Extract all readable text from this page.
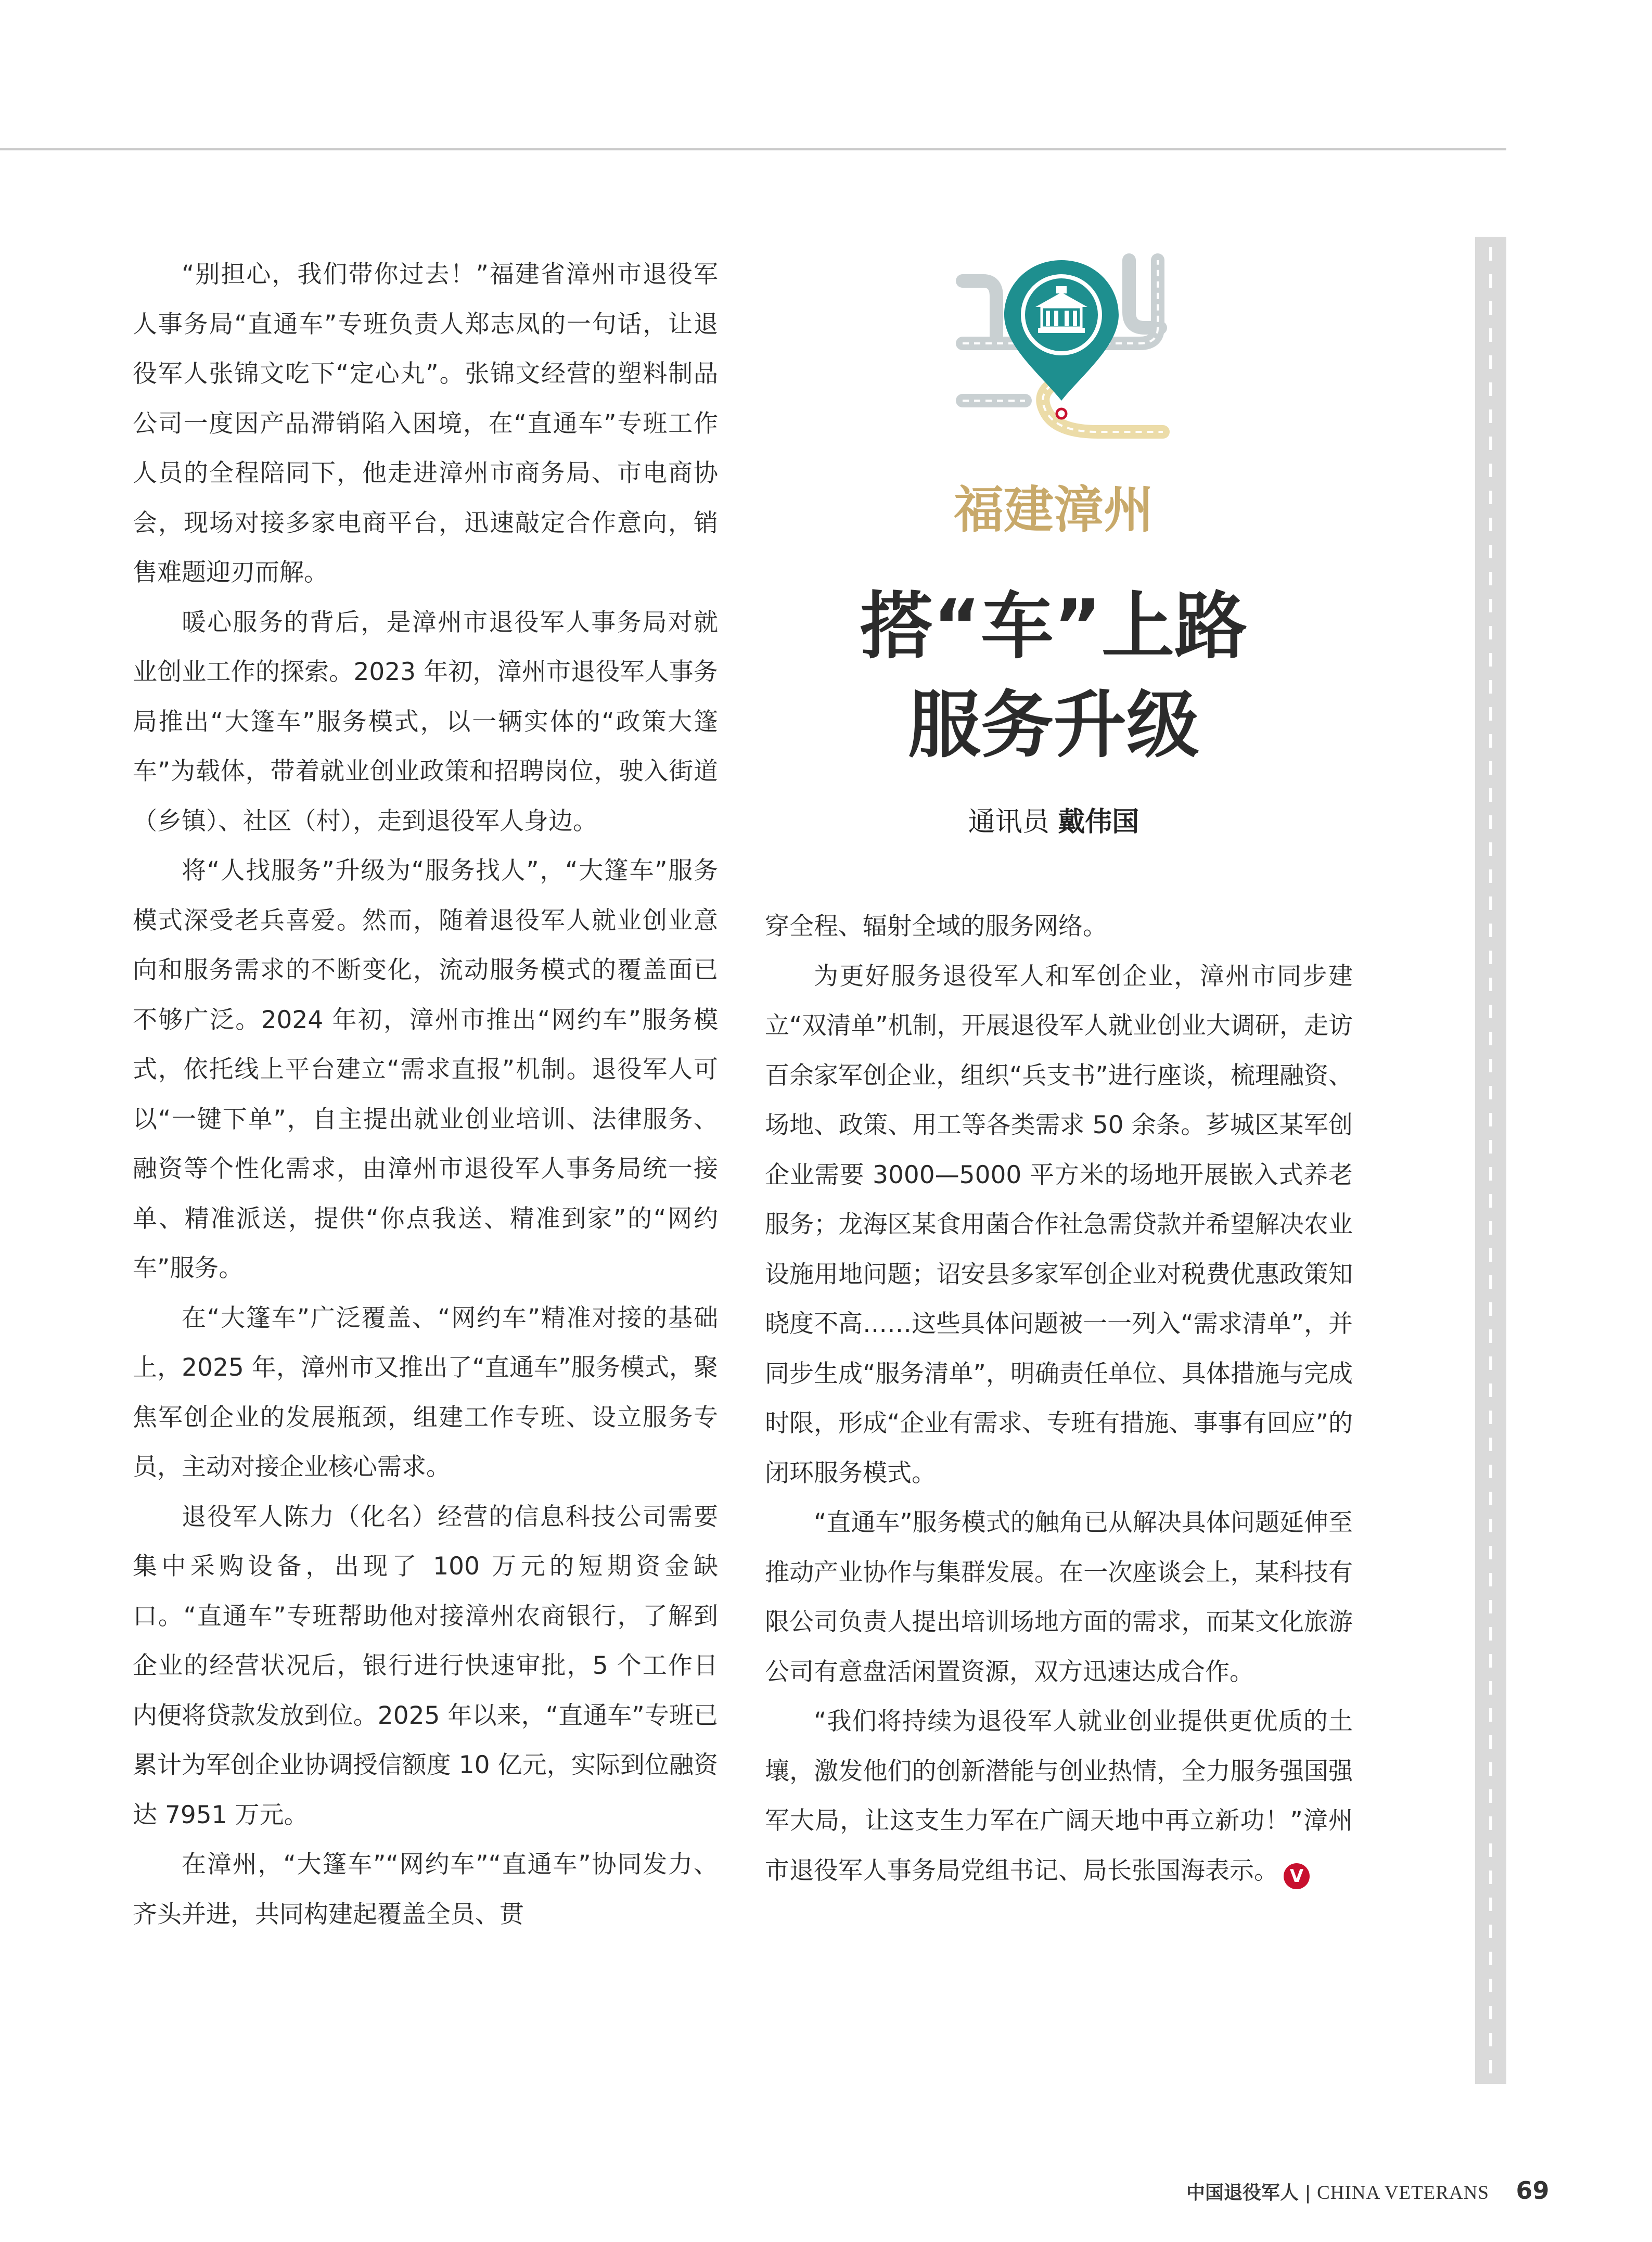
“别担心，我们带你过去！”福建省漳州市退役军人事务局“直通车”专班负责人郑志凤的一句话，让退役军人张锦文吃下“定心丸”。张锦文经营的塑料制品公司一度因产品滞销陷入困境，在“直通车”专班工作人员的全程陪同下，他走进漳州市商务局、市电商协会，现场对接多家电商平台，迅速敲定合作意向，销售难题迎刃而解。

暖心服务的背后，是漳州市退役军人事务局对就业创业工作的探索。2023 年初，漳州市退役军人事务局推出“大篷车”服务模式，以一辆实体的“政策大篷车”为载体，带着就业创业政策和招聘岗位，驶入街道（乡镇）、社区（村），走到退役军人身边。

将“人找服务”升级为“服务找人”，“大篷车”服务模式深受老兵喜爱。然而，随着退役军人就业创业意向和服务需求的不断变化，流动服务模式的覆盖面已不够广泛。2024 年初，漳州市推出“网约车”服务模式，依托线上平台建立“需求直报”机制。退役军人可以“一键下单”，自主提出就业创业培训、法律服务、融资等个性化需求，由漳州市退役军人事务局统一接单、精准派送，提供“你点我送、精准到家”的“网约车”服务。

在“大篷车”广泛覆盖、“网约车”精准对接的基础上，2025 年，漳州市又推出了“直通车”服务模式，聚焦军创企业的发展瓶颈，组建工作专班、设立服务专员，主动对接企业核心需求。

退役军人陈力（化名）经营的信息科技公司需要集中采购设备，出现了 100 万元的短期资金缺口。“直通车”专班帮助他对接漳州农商银行，了解到企业的经营状况后，银行进行快速审批，5 个工作日内便将贷款发放到位。2025 年以来，“直通车”专班已累计为军创企业协调授信额度 10 亿元，实际到位融资达 7951 万元。

在漳州，“大篷车”“网约车”“直通车”协同发力、齐头并进，共同构建起覆盖全员、贯

福建漳州
搭“车”上路
服务升级
通讯员 戴伟国

穿全程、辐射全域的服务网络。

为更好服务退役军人和军创企业，漳州市同步建立“双清单”机制，开展退役军人就业创业大调研，走访百余家军创企业，组织“兵支书”进行座谈，梳理融资、场地、政策、用工等各类需求 50 余条。芗城区某军创企业需要 3000—5000 平方米的场地开展嵌入式养老服务；龙海区某食用菌合作社急需贷款并希望解决农业设施用地问题；诏安县多家军创企业对税费优惠政策知晓度不高……这些具体问题被一一列入“需求清单”，并同步生成“服务清单”，明确责任单位、具体措施与完成时限，形成“企业有需求、专班有措施、事事有回应”的闭环服务模式。

“直通车”服务模式的触角已从解决具体问题延伸至推动产业协作与集群发展。在一次座谈会上，某科技有限公司负责人提出培训场地方面的需求，而某文化旅游公司有意盘活闲置资源，双方迅速达成合作。

“我们将持续为退役军人就业创业提供更优质的土壤，激发他们的创新潜能与创业热情，全力服务强国强军大局，让这支生力军在广阔天地中再立新功！”漳州市退役军人事务局党组书记、局长张国海表示。 V

中国退役军人 | CHINA VETERANS 69
